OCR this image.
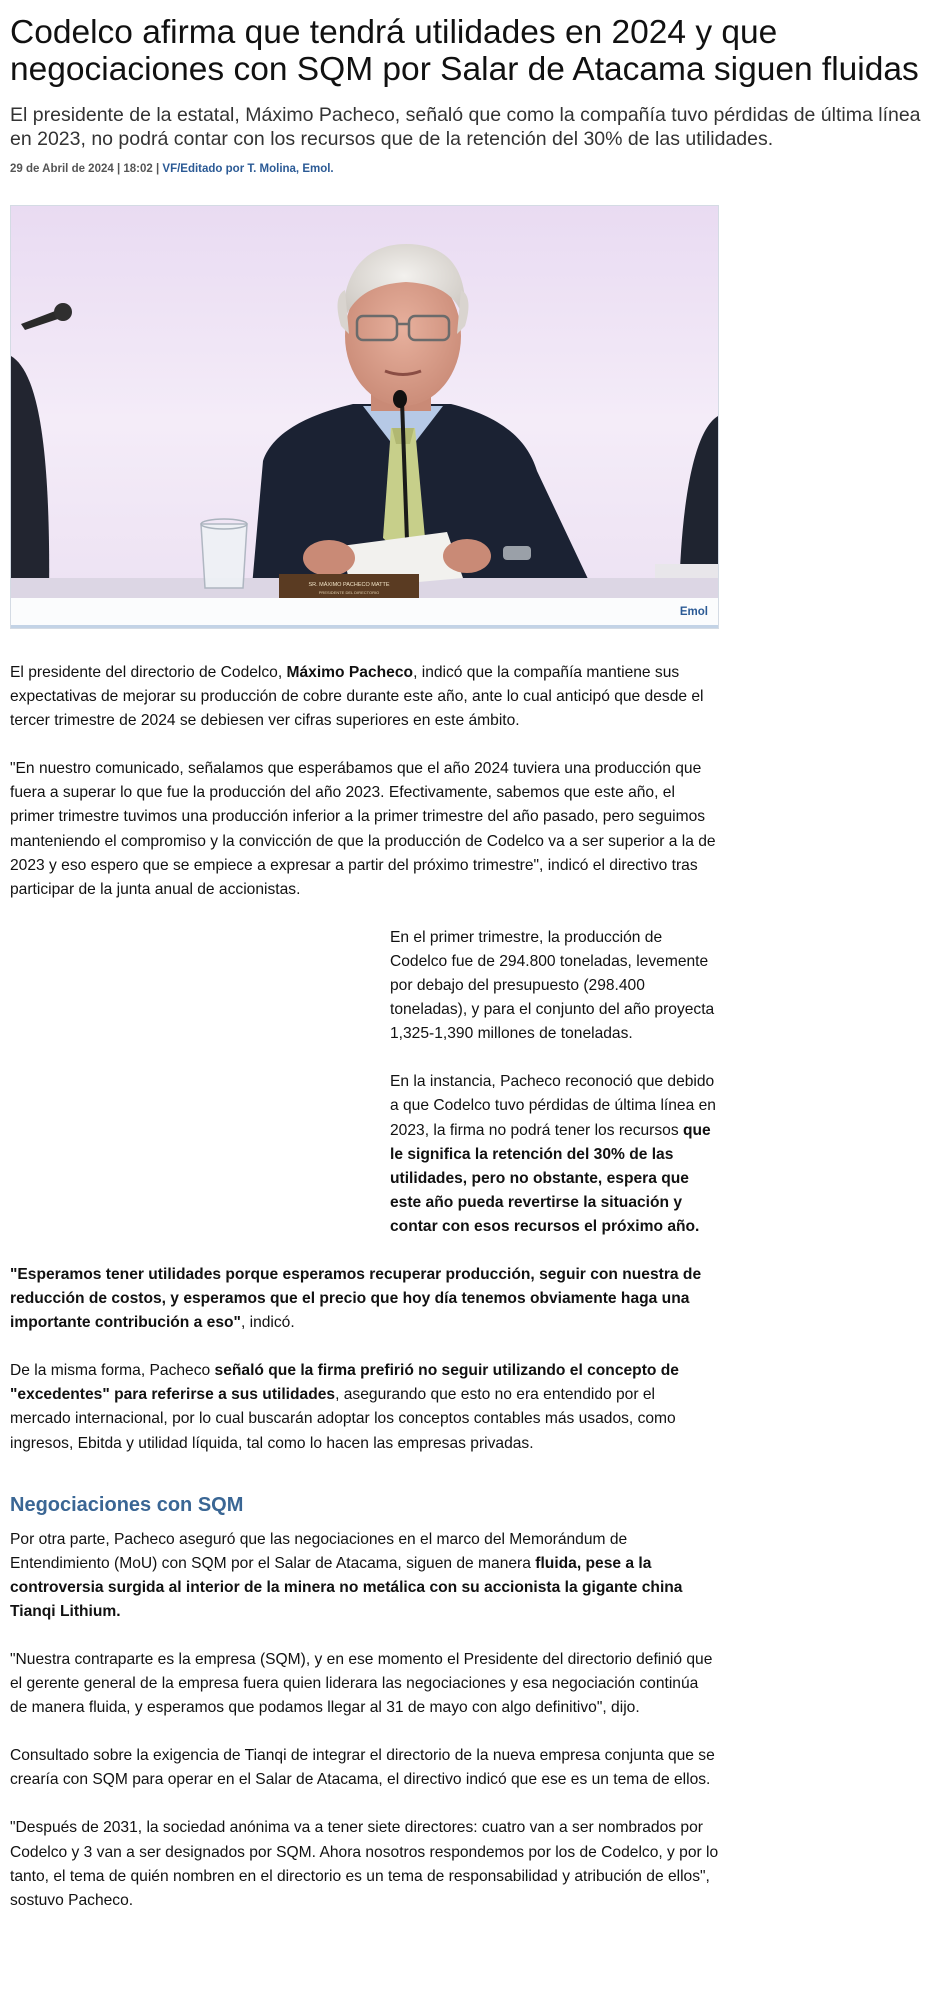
Codelco afirma que tendrá utilidades en 2024 y que negociaciones con SQM por Salar de Atacama siguen fluidas

El presidente de la estatal, Máximo Pacheco, señaló que como la compañía tuvo pérdidas de última línea en 2023, no podrá contar con los recursos que de la retención del 30% de las utilidades.

29 de Abril de 2024 | 18:02 | VF/Editado por T. Molina, Emol.
SR. MÁXIMO PACHECO MATTE
PRESIDENTE DEL DIRECTORIO
Emol

El presidente del directorio de Codelco, Máximo Pacheco, indicó que la compañía mantiene sus expectativas de mejorar su producción de cobre durante este año, ante lo cual anticipó que desde el tercer trimestre de 2024 se debiesen ver cifras superiores en este ámbito.

"En nuestro comunicado, señalamos que esperábamos que el año 2024 tuviera una producción que fuera a superar lo que fue la producción del año 2023. Efectivamente, sabemos que este año, el primer trimestre tuvimos una producción inferior a la primer trimestre del año pasado, pero seguimos manteniendo el compromiso y la convicción de que la producción de Codelco va a ser superior a la de 2023 y eso espero que se empiece a expresar a partir del próximo trimestre", indicó el directivo tras participar de la junta anual de accionistas.

En el primer trimestre, la producción de Codelco fue de 294.800 toneladas, levemente por debajo del presupuesto (298.400 toneladas), y para el conjunto del año proyecta 1,325-1,390 millones de toneladas.

En la instancia, Pacheco reconoció que debido a que Codelco tuvo pérdidas de última línea en 2023, la firma no podrá tener los recursos que le significa la retención del 30% de las utilidades, pero no obstante, espera que este año pueda revertirse la situación y contar con esos recursos el próximo año.

"Esperamos tener utilidades porque esperamos recuperar producción, seguir con nuestra de reducción de costos, y esperamos que el precio que hoy día tenemos obviamente haga una importante contribución a eso", indicó.

De la misma forma, Pacheco señaló que la firma prefirió no seguir utilizando el concepto de "excedentes" para referirse a sus utilidades, asegurando que esto no era entendido por el mercado internacional, por lo cual buscarán adoptar los conceptos contables más usados, como ingresos, Ebitda y utilidad líquida, tal como lo hacen las empresas privadas.

Negociaciones con SQM

Por otra parte, Pacheco aseguró que las negociaciones en el marco del Memorándum de Entendimiento (MoU) con SQM por el Salar de Atacama, siguen de manera fluida, pese a la controversia surgida al interior de la minera no metálica con su accionista la gigante china Tianqi Lithium.

"Nuestra contraparte es la empresa (SQM), y en ese momento el Presidente del directorio definió que el gerente general de la empresa fuera quien liderara las negociaciones y esa negociación continúa de manera fluida, y esperamos que podamos llegar al 31 de mayo con algo definitivo", dijo.

Consultado sobre la exigencia de Tianqi de integrar el directorio de la nueva empresa conjunta que se crearía con SQM para operar en el Salar de Atacama, el directivo indicó que ese es un tema de ellos.

"Después de 2031, la sociedad anónima va a tener siete directores: cuatro van a ser nombrados por Codelco y 3 van a ser designados por SQM. Ahora nosotros respondemos por los de Codelco, y por lo tanto, el tema de quién nombren en el directorio es un tema de responsabilidad y atribución de ellos", sostuvo Pacheco.
